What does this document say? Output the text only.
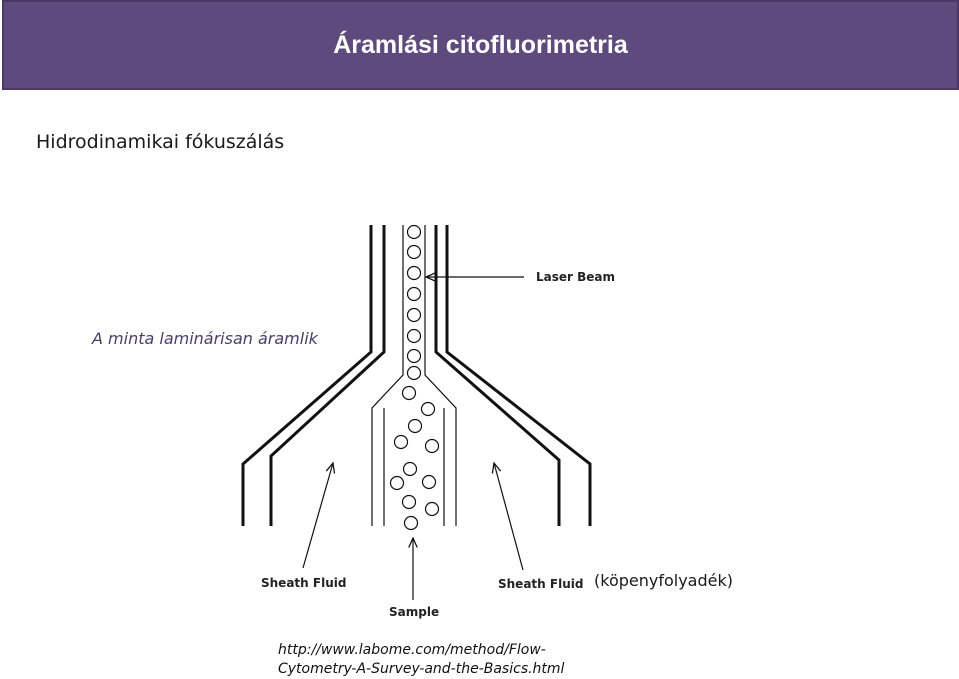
Áramlási citofluorimetria
Hidrodinamikai fókuszálás
Laser Beam
Sheath Fluid	Sheath Fluid
Sample
A minta laminárisan áramlik
(köpenyfolyadék)
http://www.labome.com/method/Flow-
Cytometry-A-Survey-and-the-Basics.html
